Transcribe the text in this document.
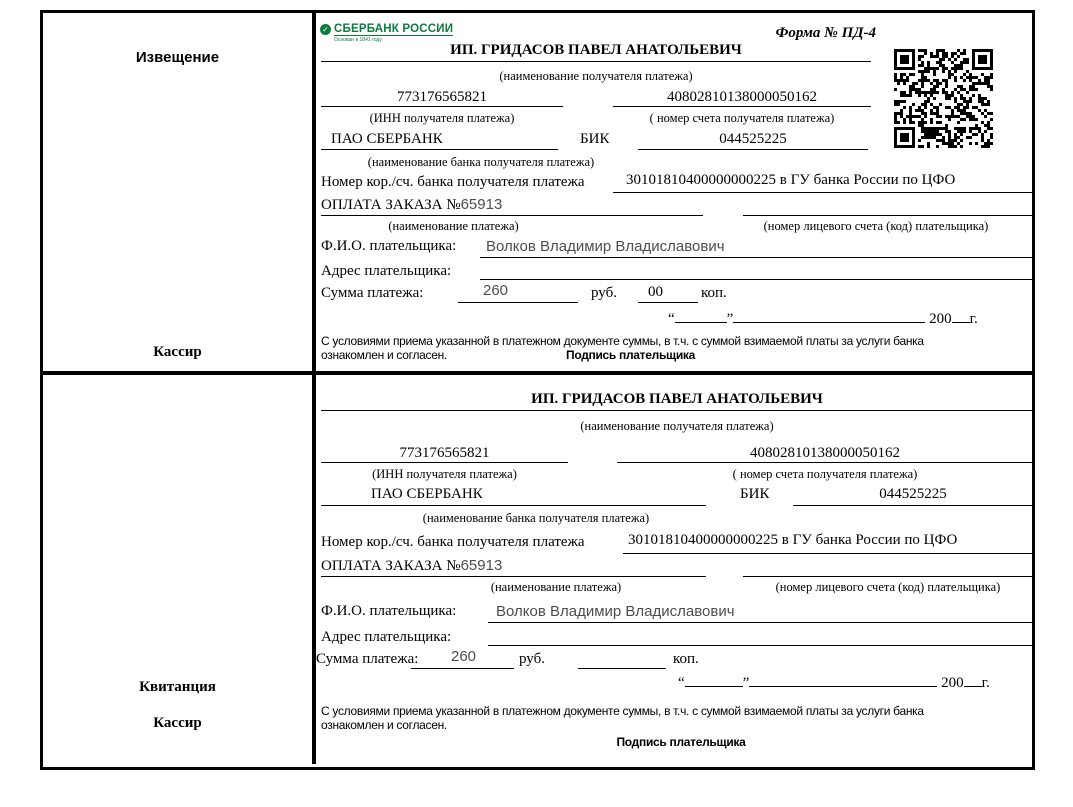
Извещение
Кассир
✓ СБЕРБАНК РОССИИ
Основан в 1841 году	Форма № ПД-4
ИП. ГРИДАСОВ ПАВЕЛ АНАТОЛЬЕВИЧ
(наименование получателя платежа)
773176565821	40802810138000050162
(ИНН получателя платежа)	( номер счета получателя платежа)
ПАО СБЕРБАНК	БИК	044525225
(наименование банка получателя платежа)
Номер кор./сч. банка получателя платежа	30101810400000000225 в ГУ банка России по ЦФО
ОПЛАТА ЗАКАЗА №65913
(наименование платежа)	(номер лицевого счета (код) плательщика)
Ф.И.О. плательщика: Волков Владимир Владиславович
Адрес плательщика:
Сумма платежа:	260	руб. 00	коп.
“	”	200 г.
С условиями приема указанной в платежном документе суммы, в т.ч. с суммой взимаемой платы за услуги банка
ознакомлен и согласен.	Подпись плательщика
Квитанция
Кассир
ИП. ГРИДАСОВ ПАВЕЛ АНАТОЛЬЕВИЧ
(наименование получателя платежа)
773176565821	40802810138000050162
(ИНН получателя платежа)	( номер счета получателя платежа)
ПАО СБЕРБАНК	БИК	044525225
(наименование банка получателя платежа)
Номер кор./сч. банка получателя платежа	30101810400000000225 в ГУ банка России по ЦФО
ОПЛАТА ЗАКАЗА №65913
(наименование платежа)	(номер лицевого счета (код) плательщика)
Ф.И.О. плательщика:	Волков Владимир Владиславович
Адрес плательщика:
Сумма платежа: 260	руб.	коп.
“	”	200 г.
С условиями приема указанной в платежном документе суммы, в т.ч. с суммой взимаемой платы за услуги банка
ознакомлен и согласен.
Подпись плательщика
